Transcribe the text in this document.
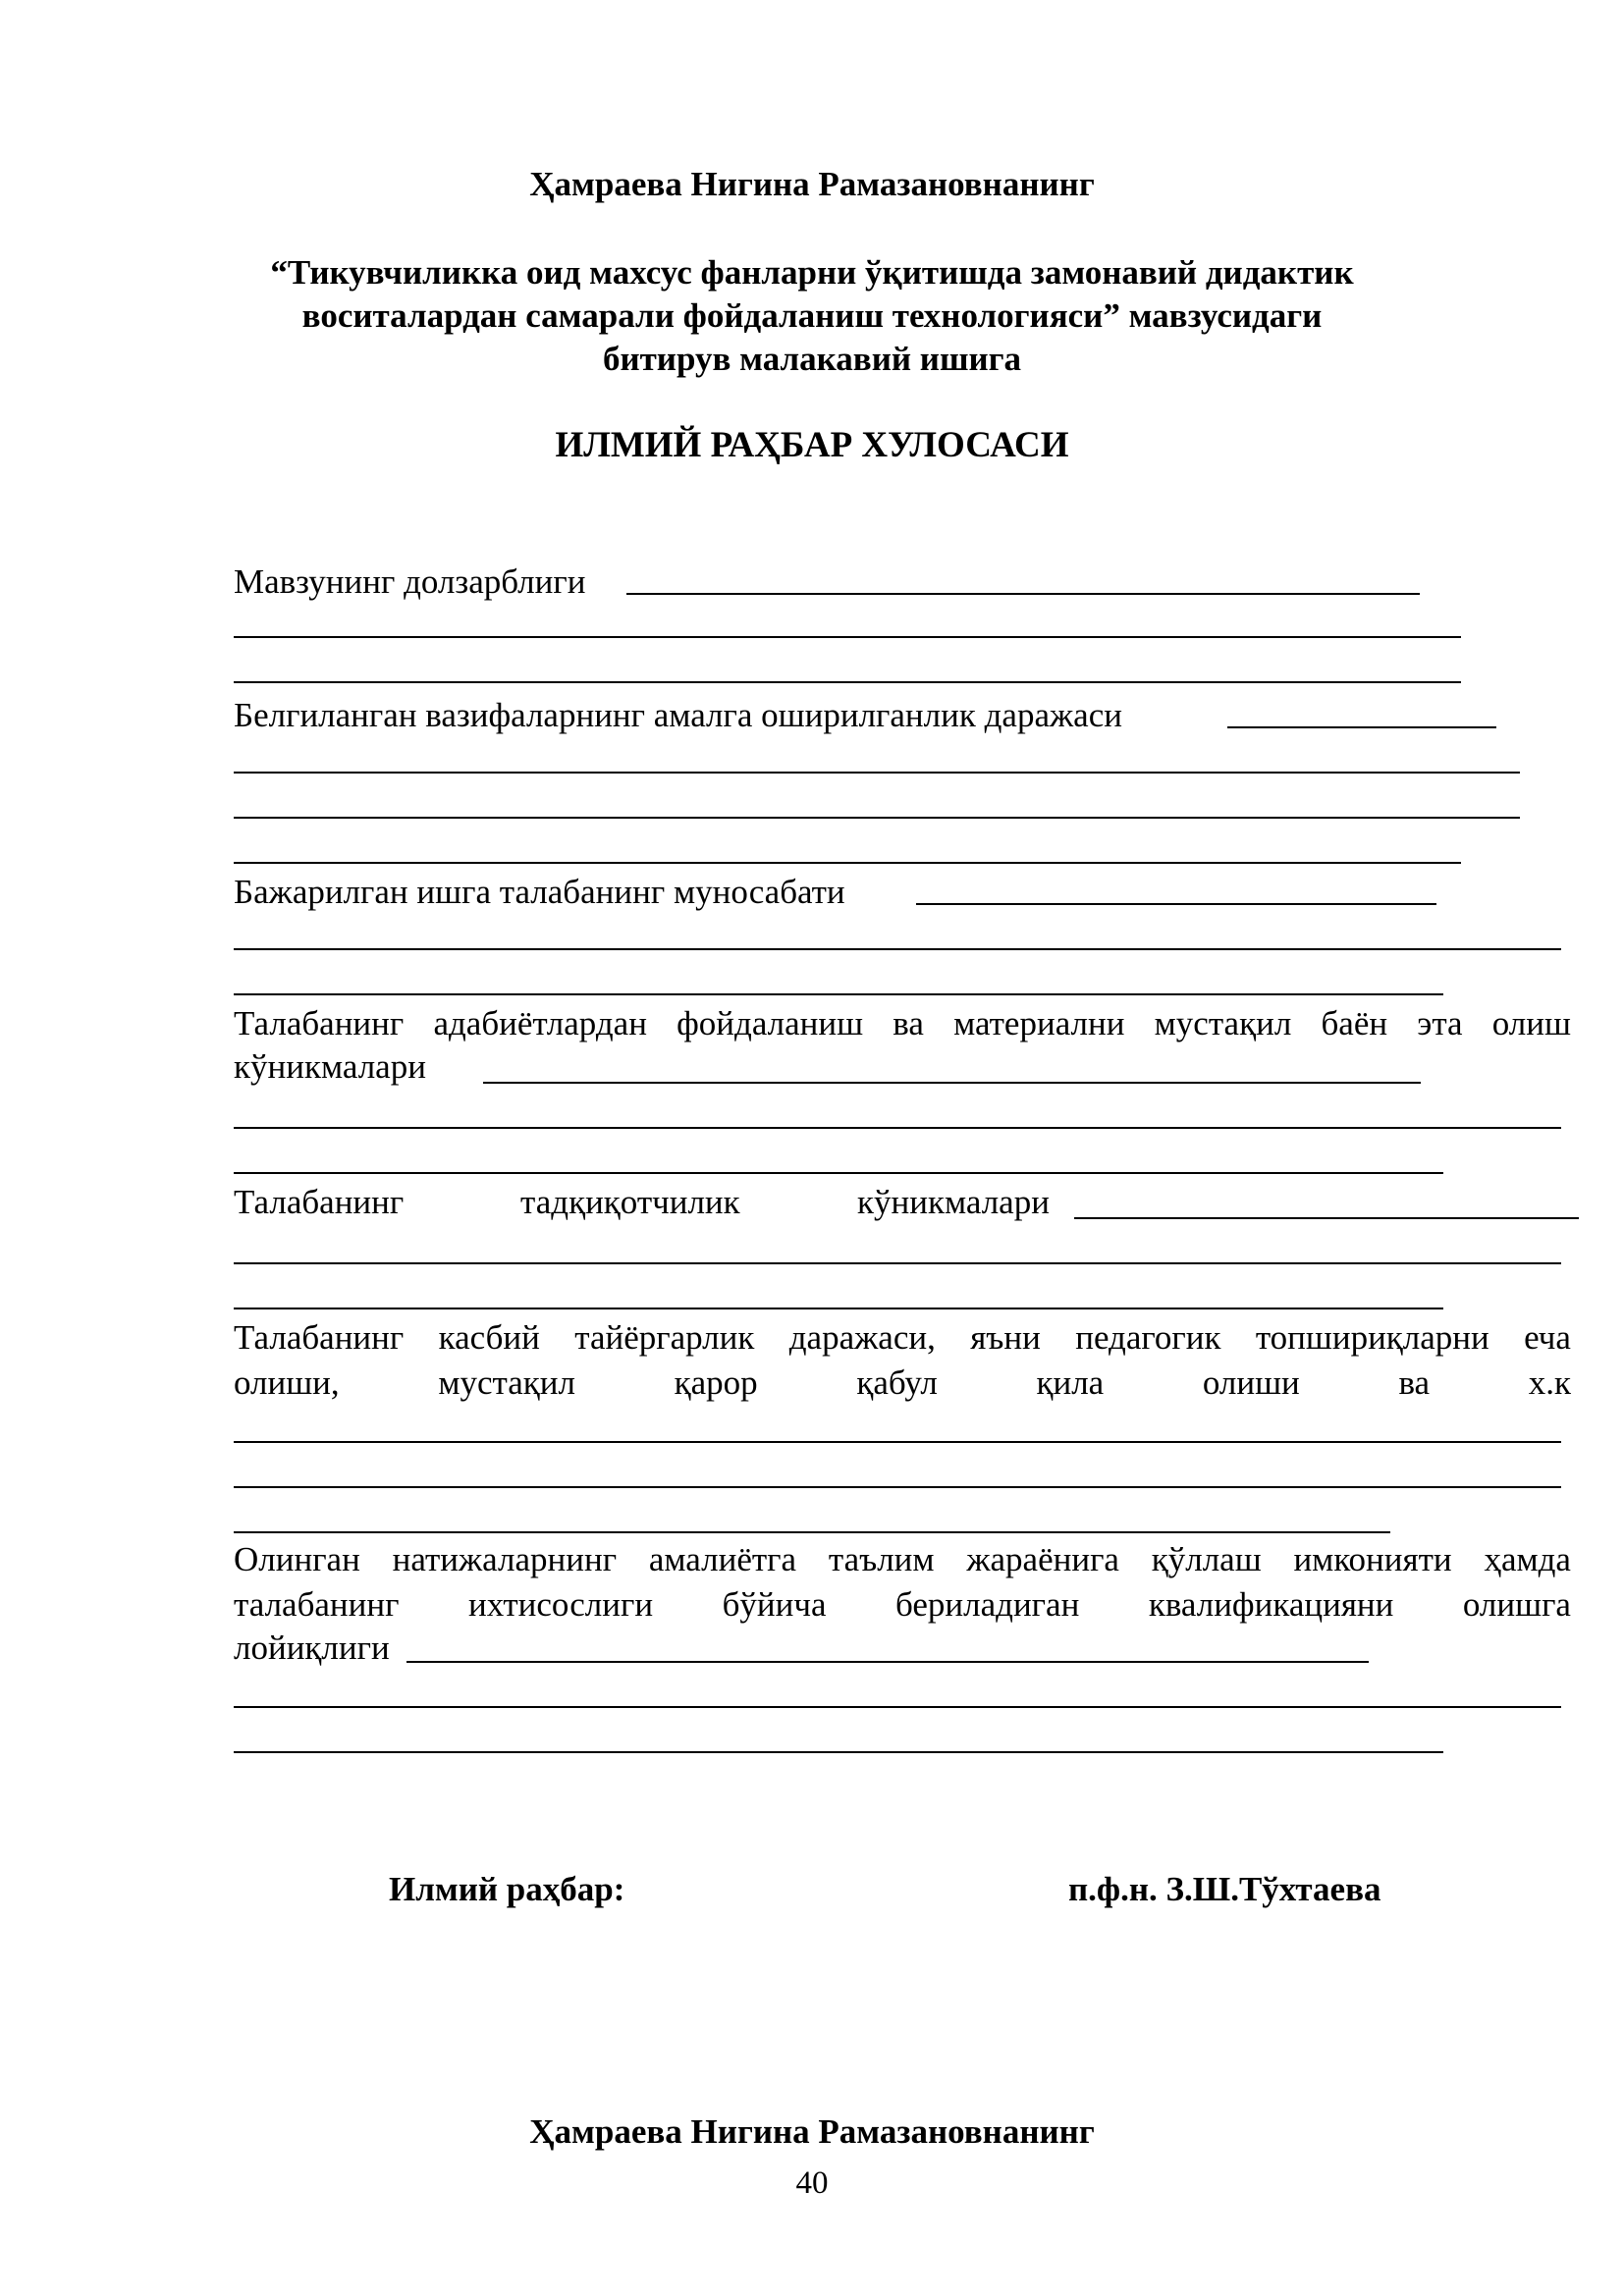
Ҳамраева Нигина Рамазановнанинг
“Тикувчиликка оид махсус фанларни ўқитишда замонавий дидактик
воситалардан самарали фойдаланиш технологияси” мавзусидаги
битирув малакавий ишига
ИЛМИЙ РАҲБАР ХУЛОСАСИ
Мавзунинг долзарблиги
Белгиланган вазифаларнинг амалга оширилганлик даражаси
Бажарилган ишга талабанинг муносабати
Талабанинг адабиётлардан фойдаланиш ва материални мустақил баён эта олиш
кўникмалари
Талабанинг	тадқиқотчилик	кўникмалари
Талабанинг касбий тайёргарлик даражаси, яъни педагогик топшириқларни еча
олиши,	мустақил	қарор	қабул	қила	олиши	ва	х.к
Олинган натижаларнинг амалиётга таълим жараёнига қўллаш имконияти ҳамда
талабанинг ихтисослиги бўйича бериладиган квалификацияни олишга
лойиқлиги
Илмий раҳбар:	п.ф.н. З.Ш.Тўхтаева
Ҳамраева Нигина Рамазановнанинг
40
